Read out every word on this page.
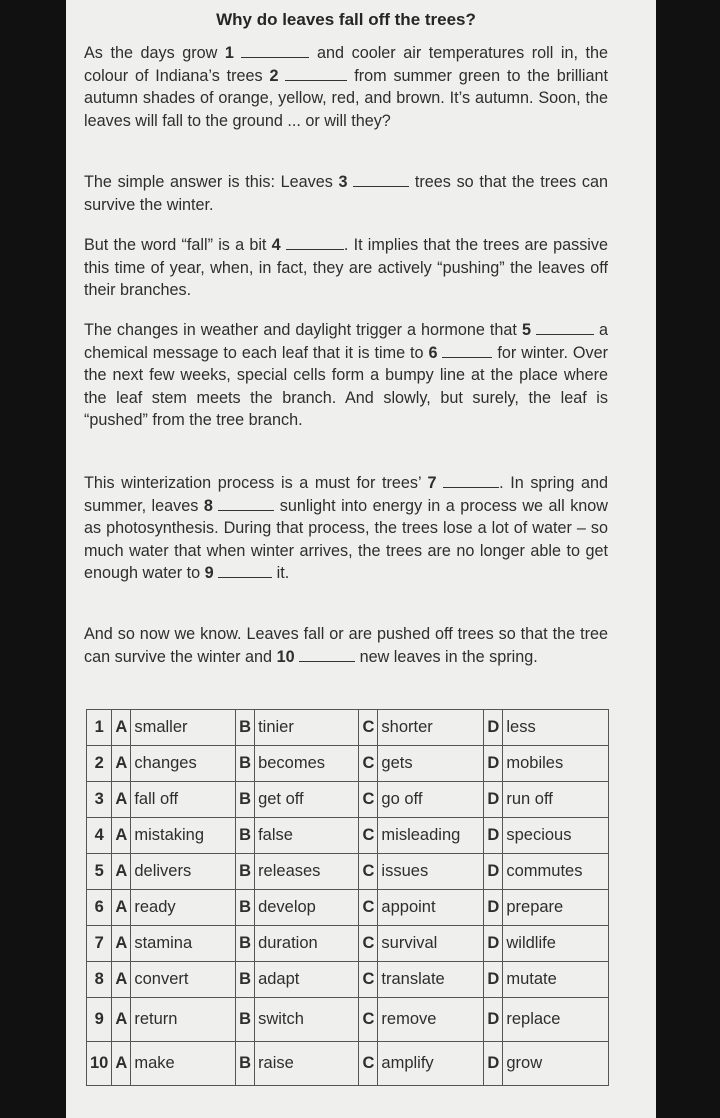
Why do leaves fall off the trees?

As the days grow 1	and cooler air temperatures roll in, the colour of Indiana’s trees 2	from summer green to the brilliant autumn shades of orange, yellow, red, and brown. It’s autumn. Soon, the leaves will fall to the ground ... or will they?

The simple answer is this: Leaves 3	trees so that the trees can survive the winter.

But the word “fall” is a bit 4	. It implies that the trees are passive this time of year, when, in fact, they are actively “pushing” the leaves off their branches.

The changes in weather and daylight trigger a hormone that 5	a chemical message to each leaf that it is time to 6	for winter. Over the next few weeks, special cells form a bumpy line at the place where the leaf stem meets the branch. And slowly, but surely, the leaf is “pushed” from the tree branch.

This winterization process is a must for trees’ 7	. In spring and summer, leaves 8	sunlight into energy in a process we all know as photosynthesis. During that process, the trees lose a lot of water – so much water that when winter arrives, the trees are no longer able to get enough water to 9	it.

And so now we know. Leaves fall or are pushed off trees so that the tree can survive the winter and 10	new leaves in the spring.

1	A	smaller	B	tinier	C	shorter	D	less
2	A	changes	B	becomes	C	gets	D	mobiles
3	A	fall off	B	get off	C	go off	D	run off
4	A	mistaking	B	false	C	misleading	D	specious
5	A	delivers	B	releases	C	issues	D	commutes
6	A	ready	B	develop	C	appoint	D	prepare
7	A	stamina	B	duration	C	survival	D	wildlife
8	A	convert	B	adapt	C	translate	D	mutate
9	A	return	B	switch	C	remove	D	replace
10	A	make	B	raise	C	amplify	D	grow
